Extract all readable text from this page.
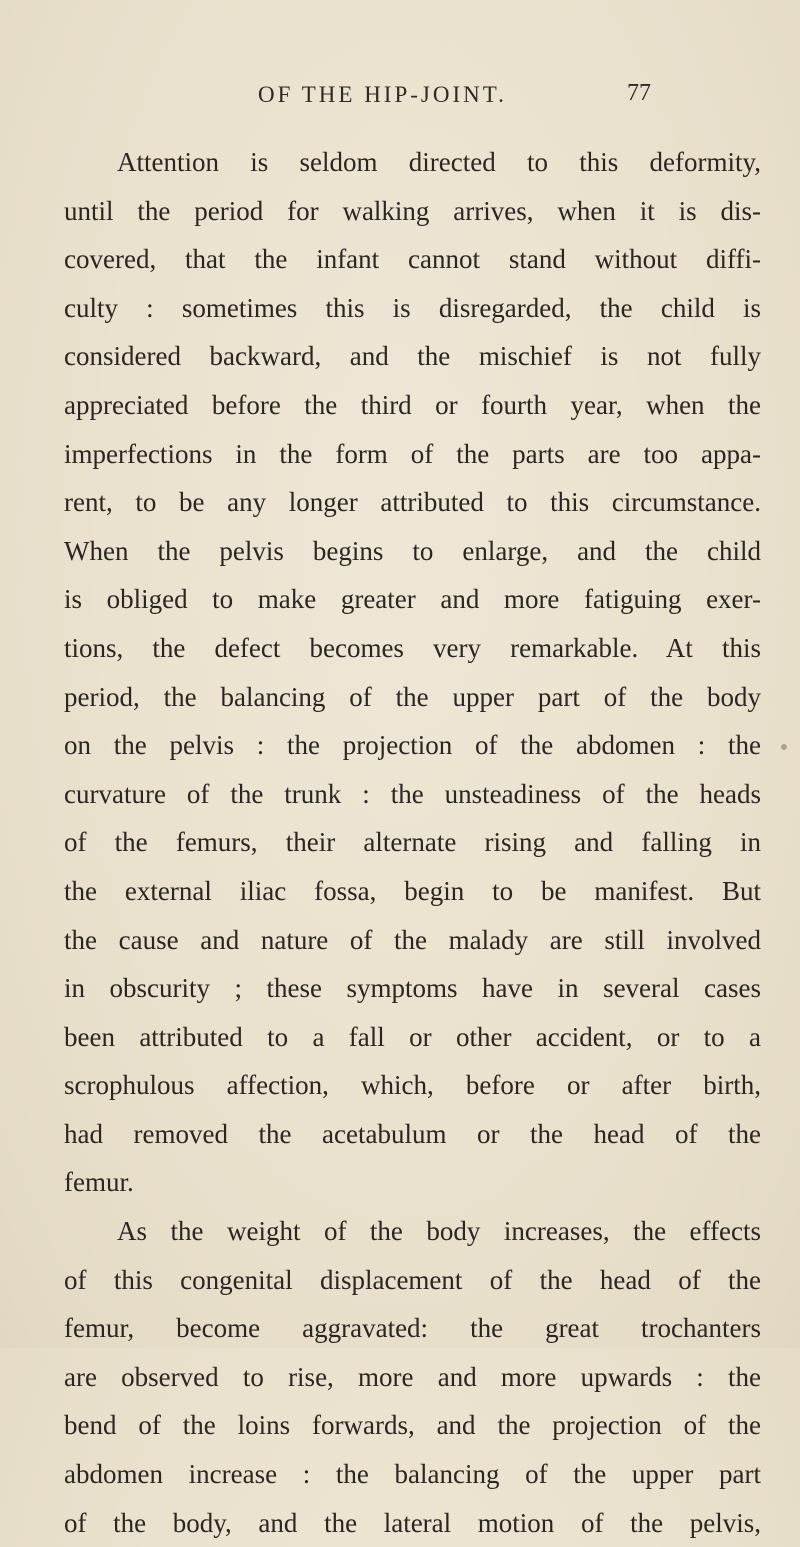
OF THE HIP-JOINT.	77
Attention is seldom directed to this deformity,
until the period for walking arrives, when it is dis-
covered, that the infant cannot stand without diffi-
culty : sometimes this is disregarded, the child is
considered backward, and the mischief is not fully
appreciated before the third or fourth year, when the
imperfections in the form of the parts are too appa-
rent, to be any longer attributed to this circumstance.
When the pelvis begins to enlarge, and the child
is obliged to make greater and more fatiguing exer-
tions, the defect becomes very remarkable. At this
period, the balancing of the upper part of the body
on the pelvis : the projection of the abdomen : the
curvature of the trunk : the unsteadiness of the heads
of the femurs, their alternate rising and falling in
the external iliac fossa, begin to be manifest. But
the cause and nature of the malady are still involved
in obscurity ; these symptoms have in several cases
been attributed to a fall or other accident, or to a
scrophulous affection, which, before or after birth,
had removed the acetabulum or the head of the
femur.
As the weight of the body increases, the effects
of this congenital displacement of the head of the
femur, become aggravated: the great trochanters
are observed to rise, more and more upwards : the
bend of the loins forwards, and the projection of the
abdomen increase : the balancing of the upper part
of the body, and the lateral motion of the pelvis,
